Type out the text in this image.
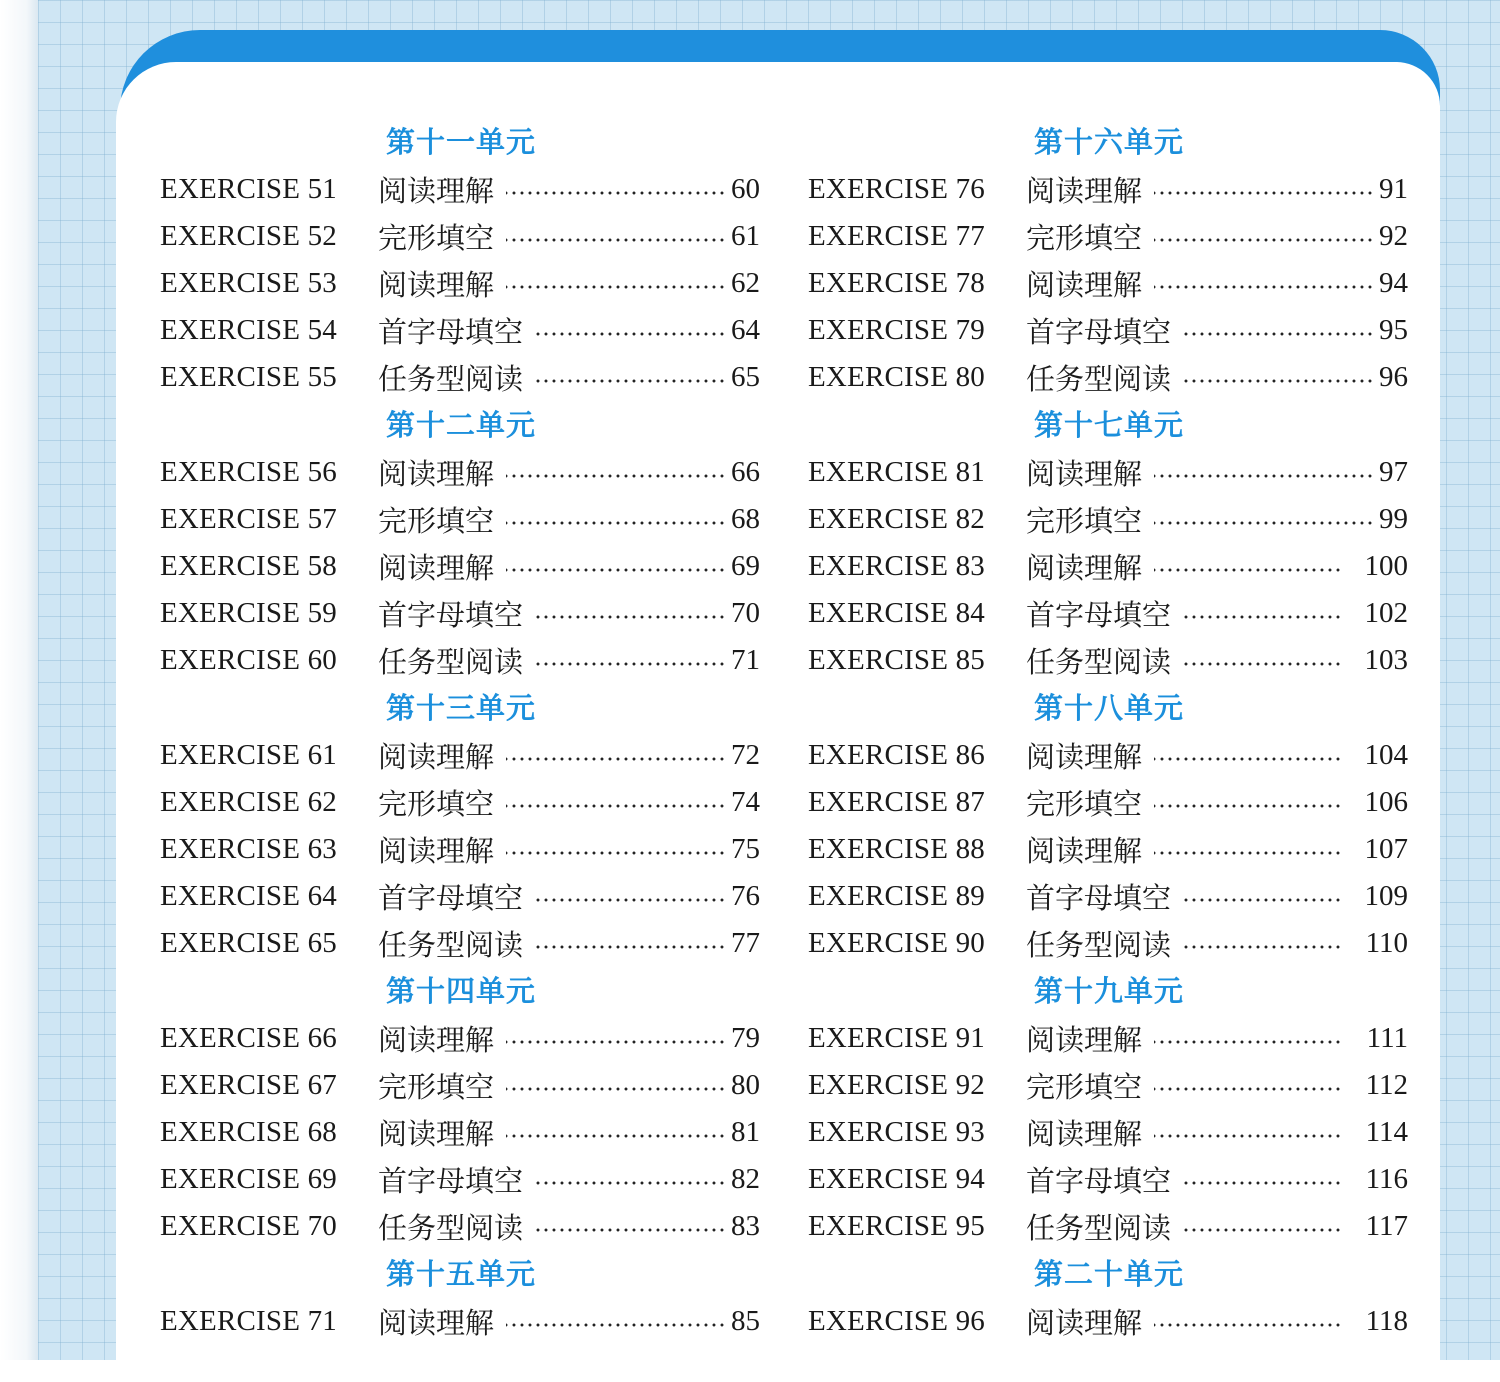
第十一单元
EXERCISE 51	阅读理解	60
EXERCISE 52	完形填空	61
EXERCISE 53	阅读理解	62
EXERCISE 54	首字母填空	64
EXERCISE 55	任务型阅读	65
第十二单元
EXERCISE 56	阅读理解	66
EXERCISE 57	完形填空	68
EXERCISE 58	阅读理解	69
EXERCISE 59	首字母填空	70
EXERCISE 60	任务型阅读	71
第十三单元
EXERCISE 61	阅读理解	72
EXERCISE 62	完形填空	74
EXERCISE 63	阅读理解	75
EXERCISE 64	首字母填空	76
EXERCISE 65	任务型阅读	77
第十四单元
EXERCISE 66	阅读理解	79
EXERCISE 67	完形填空	80
EXERCISE 68	阅读理解	81
EXERCISE 69	首字母填空	82
EXERCISE 70	任务型阅读	83
第十五单元
EXERCISE 71	阅读理解	85
第十六单元
EXERCISE 76	阅读理解	91
EXERCISE 77	完形填空	92
EXERCISE 78	阅读理解	94
EXERCISE 79	首字母填空	95
EXERCISE 80	任务型阅读	96
第十七单元
EXERCISE 81	阅读理解	97
EXERCISE 82	完形填空	99
EXERCISE 83	阅读理解	100
EXERCISE 84	首字母填空	102
EXERCISE 85	任务型阅读	103
第十八单元
EXERCISE 86	阅读理解	104
EXERCISE 87	完形填空	106
EXERCISE 88	阅读理解	107
EXERCISE 89	首字母填空	109
EXERCISE 90	任务型阅读	110
第十九单元
EXERCISE 91	阅读理解	111
EXERCISE 92	完形填空	112
EXERCISE 93	阅读理解	114
EXERCISE 94	首字母填空	116
EXERCISE 95	任务型阅读	117
第二十单元
EXERCISE 96	阅读理解	118
